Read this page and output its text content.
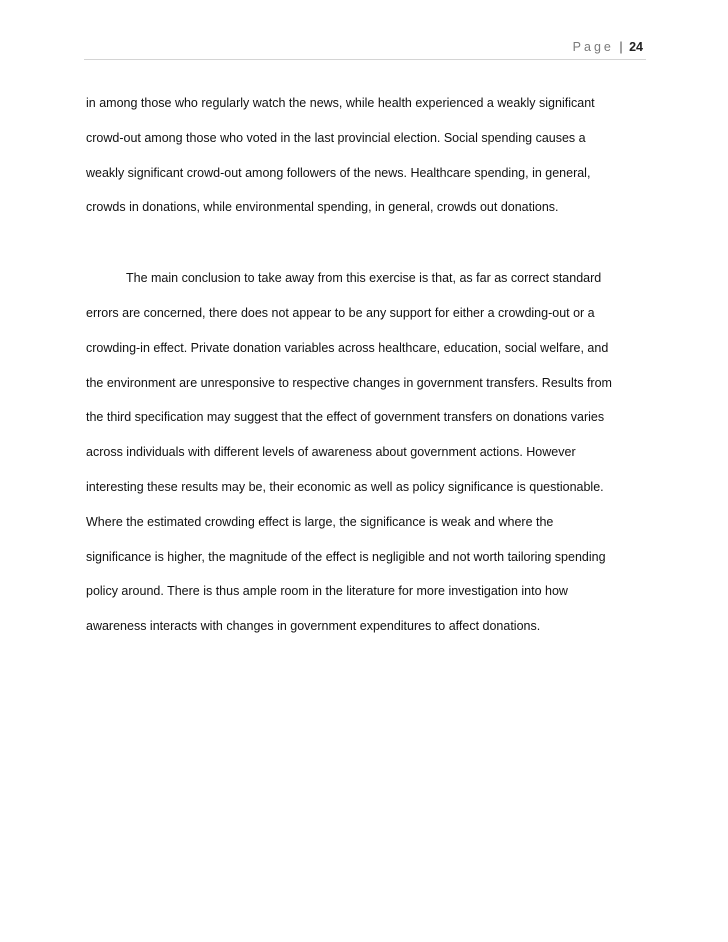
Page | 24
in among those who regularly watch the news, while health experienced a weakly significant
crowd-out among those who voted in the last provincial election. Social spending causes a
weakly significant crowd-out among followers of the news. Healthcare spending, in general,
crowds in donations, while environmental spending, in general, crowds out donations.
The main conclusion to take away from this exercise is that, as far as correct standard
errors are concerned, there does not appear to be any support for either a crowding-out or a
crowding-in effect. Private donation variables across healthcare, education, social welfare, and
the environment are unresponsive to respective changes in government transfers. Results from
the third specification may suggest that the effect of government transfers on donations varies
across individuals with different levels of awareness about government actions. However
interesting these results may be, their economic as well as policy significance is questionable.
Where the estimated crowding effect is large, the significance is weak and where the
significance is higher, the magnitude of the effect is negligible and not worth tailoring spending
policy around. There is thus ample room in the literature for more investigation into how
awareness interacts with changes in government expenditures to affect donations.
